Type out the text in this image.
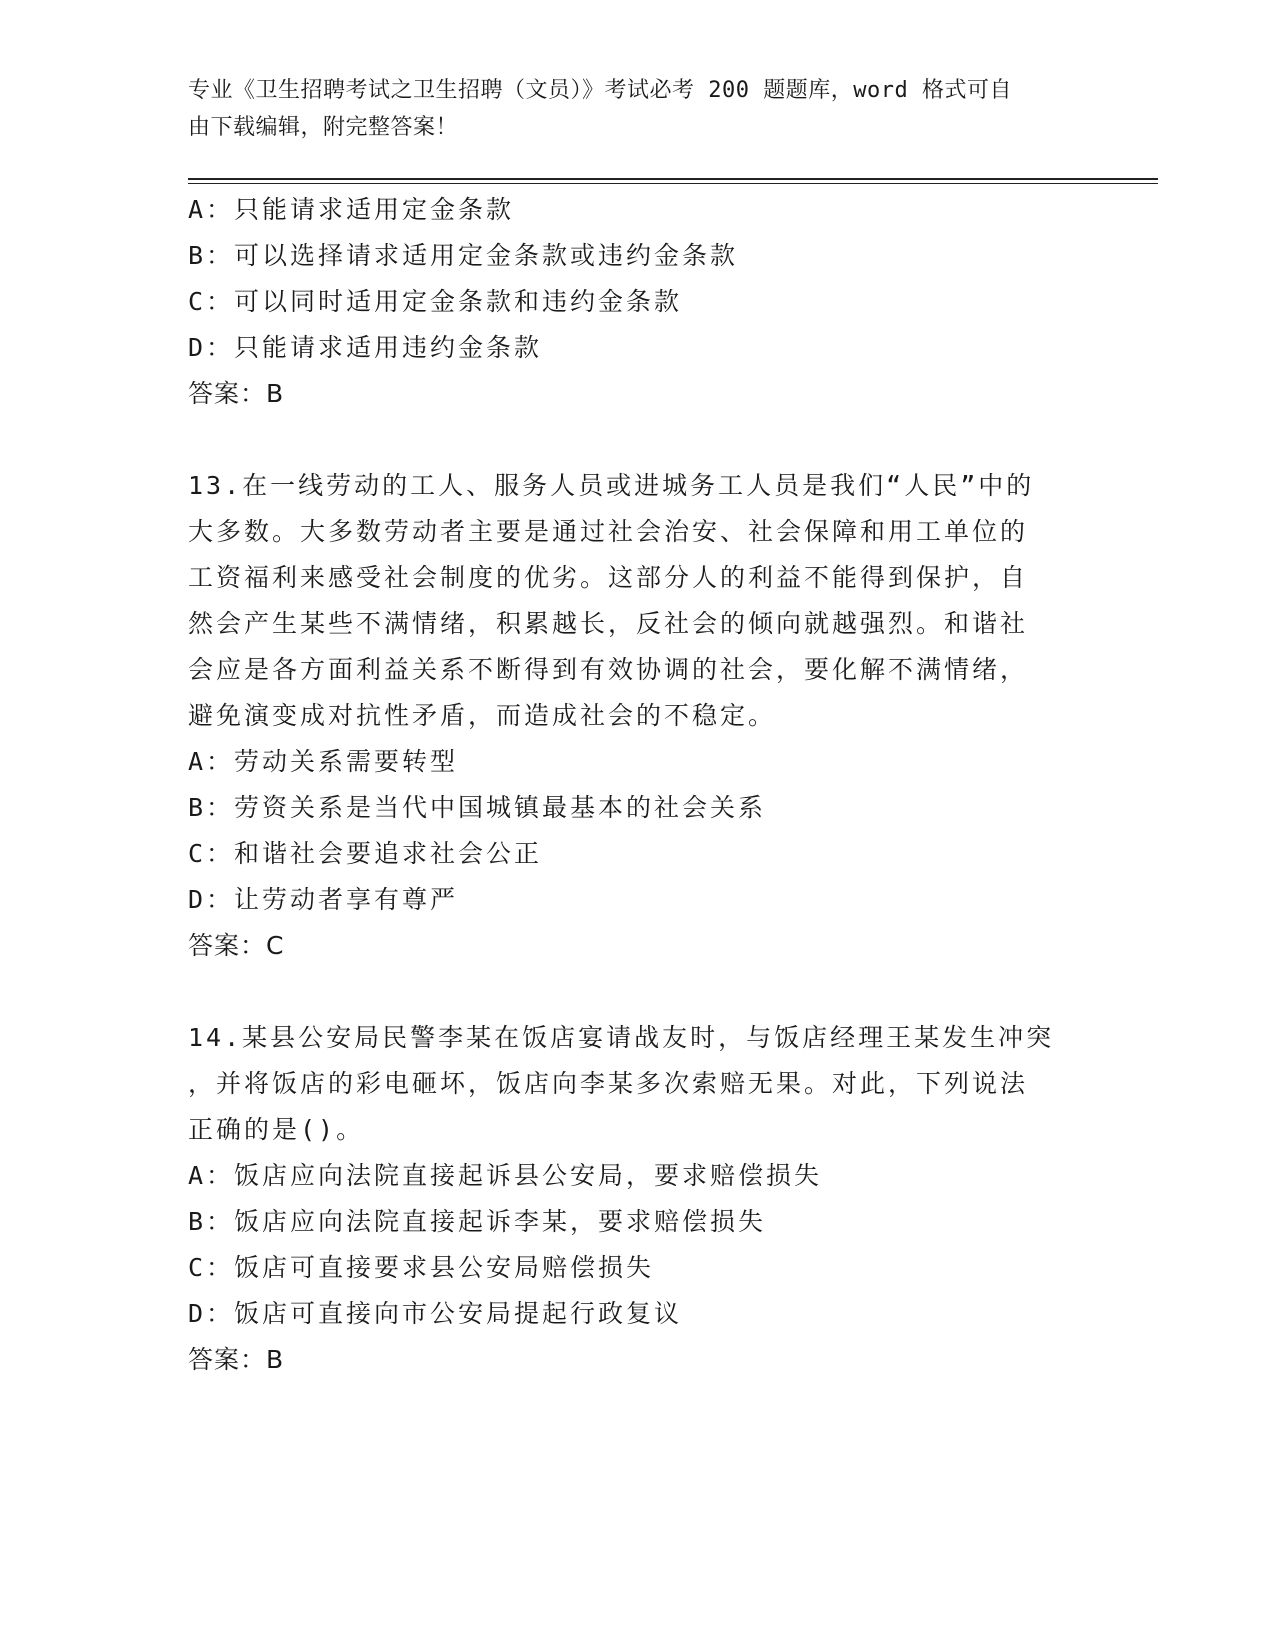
专业《卫生招聘考试之卫生招聘（文员）》考试必考 200 题题库，word 格式可自
由下载编辑，附完整答案！
A：只能请求适用定金条款
B：可以选择请求适用定金条款或违约金条款
C：可以同时适用定金条款和违约金条款
D：只能请求适用违约金条款
答案：B
13.在一线劳动的工人、服务人员或进城务工人员是我们“人民”中的
大多数。大多数劳动者主要是通过社会治安、社会保障和用工单位的
工资福利来感受社会制度的优劣。这部分人的利益不能得到保护，自
然会产生某些不满情绪，积累越长，反社会的倾向就越强烈。和谐社
会应是各方面利益关系不断得到有效协调的社会，要化解不满情绪，
避免演变成对抗性矛盾，而造成社会的不稳定。
A：劳动关系需要转型
B：劳资关系是当代中国城镇最基本的社会关系
C：和谐社会要追求社会公正
D：让劳动者享有尊严
答案：C
14.某县公安局民警李某在饭店宴请战友时，与饭店经理王某发生冲突
，并将饭店的彩电砸坏，饭店向李某多次索赔无果。对此，下列说法
正确的是()。
A：饭店应向法院直接起诉县公安局，要求赔偿损失
B：饭店应向法院直接起诉李某，要求赔偿损失
C：饭店可直接要求县公安局赔偿损失
D：饭店可直接向市公安局提起行政复议
答案：B
